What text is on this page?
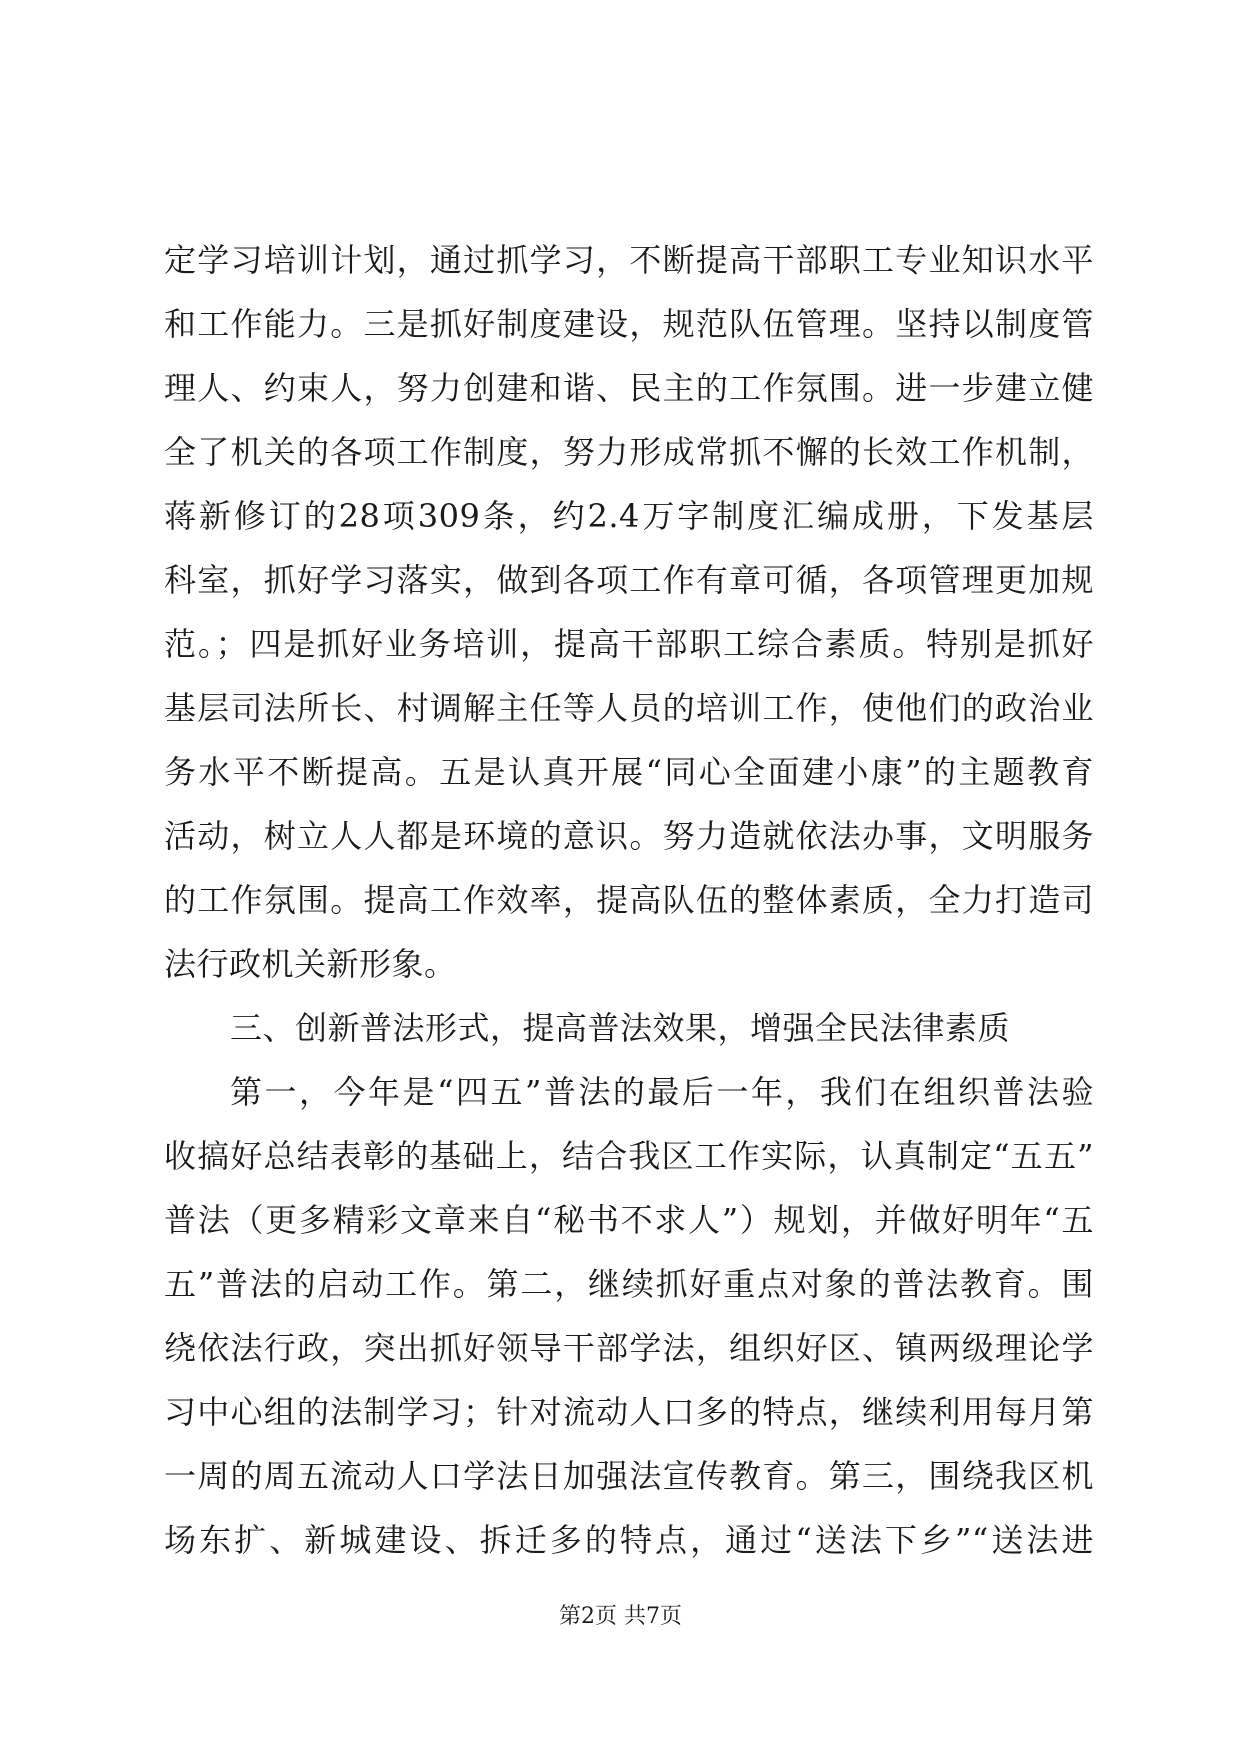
定学习培训计划，通过抓学习，不断提高干部职工专业知识水平
和工作能力。三是抓好制度建设，规范队伍管理。坚持以制度管
理人、约束人，努力创建和谐、民主的工作氛围。进一步建立健
全了机关的各项工作制度，努力形成常抓不懈的长效工作机制，
蒋新修订的28项309条，约2.4万字制度汇编成册，下发基层
科室，抓好学习落实，做到各项工作有章可循，各项管理更加规
范。；四是抓好业务培训，提高干部职工综合素质。特别是抓好
基层司法所长、村调解主任等人员的培训工作，使他们的政治业
务水平不断提高。五是认真开展“同心全面建小康”的主题教育
活动，树立人人都是环境的意识。努力造就依法办事，文明服务
的工作氛围。提高工作效率，提高队伍的整体素质，全力打造司
法行政机关新形象。
三、创新普法形式，提高普法效果，增强全民法律素质
第一，今年是“四五”普法的最后一年，我们在组织普法验
收搞好总结表彰的基础上，结合我区工作实际，认真制定“五五”
普法（更多精彩文章来自“秘书不求人”）规划，并做好明年“五
五”普法的启动工作。第二，继续抓好重点对象的普法教育。围
绕依法行政，突出抓好领导干部学法，组织好区、镇两级理论学
习中心组的法制学习；针对流动人口多的特点，继续利用每月第
一周的周五流动人口学法日加强法宣传教育。第三，围绕我区机
场东扩、新城建设、拆迁多的特点，通过“送法下乡”“送法进
第2页 共7页
